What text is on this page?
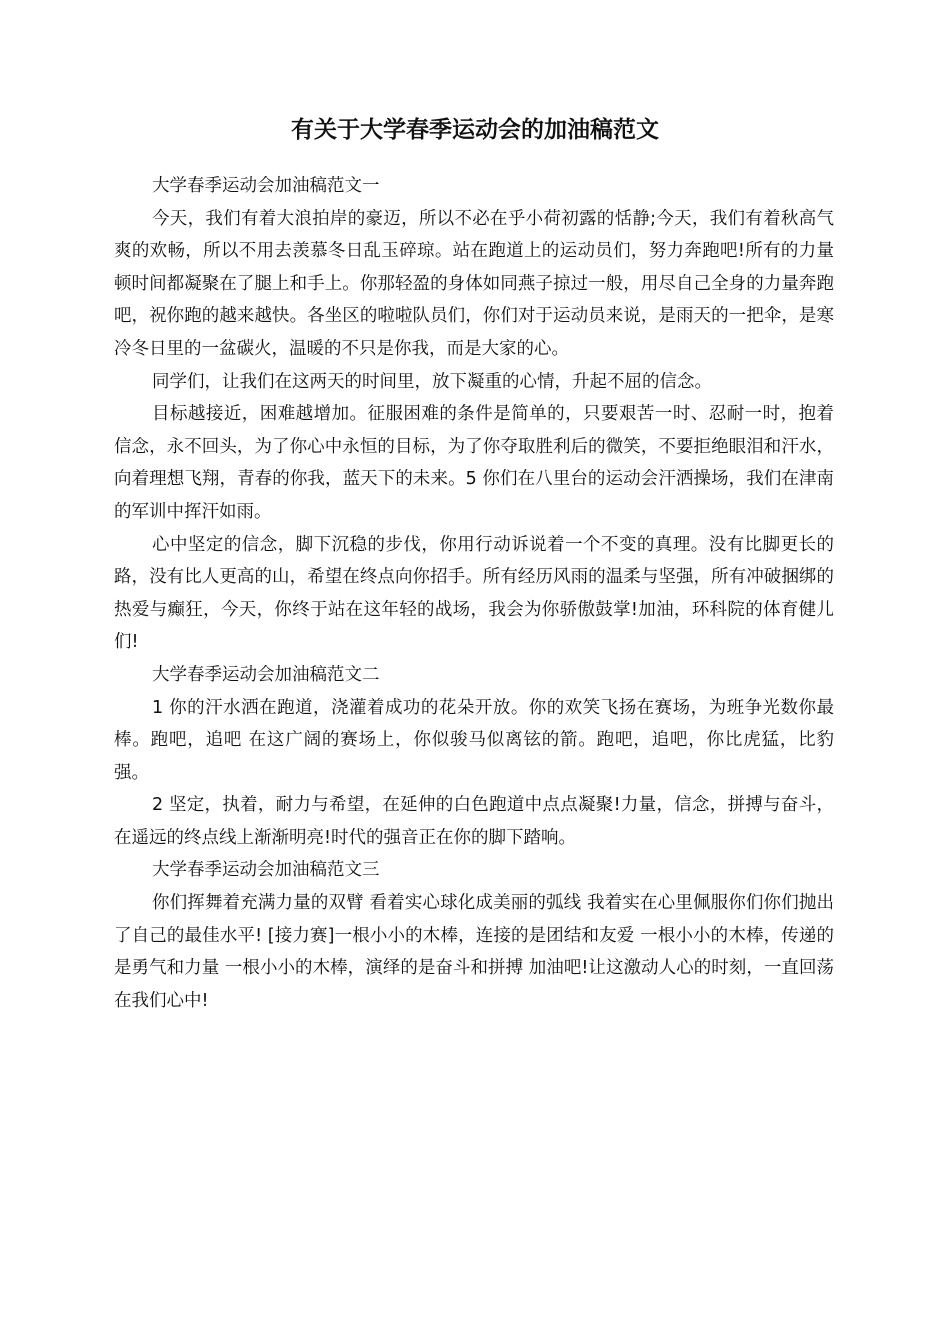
有关于大学春季运动会的加油稿范文

大学春季运动会加油稿范文一

今天，我们有着大浪拍岸的豪迈，所以不必在乎小荷初露的恬静;今天，我们有着秋高气爽的欢畅，所以不用去羡慕冬日乱玉碎琼。站在跑道上的运动员们，努力奔跑吧!所有的力量顿时间都凝聚在了腿上和手上。你那轻盈的身体如同燕子掠过一般，用尽自己全身的力量奔跑吧，祝你跑的越来越快。各坐区的啦啦队员们，你们对于运动员来说，是雨天的一把伞，是寒冷冬日里的一盆碳火，温暖的不只是你我，而是大家的心。

同学们，让我们在这两天的时间里，放下凝重的心情，升起不屈的信念。

目标越接近，困难越增加。征服困难的条件是简单的，只要艰苦一时、忍耐一时，抱着信念，永不回头，为了你心中永恒的目标，为了你夺取胜利后的微笑，不要拒绝眼泪和汗水，向着理想飞翔，青春的你我，蓝天下的未来。5 你们在八里台的运动会汗洒操场，我们在津南的军训中挥汗如雨。

心中坚定的信念，脚下沉稳的步伐，你用行动诉说着一个不变的真理。没有比脚更长的路，没有比人更高的山，希望在终点向你招手。所有经历风雨的温柔与坚强，所有冲破捆绑的热爱与癫狂，今天，你终于站在这年轻的战场，我会为你骄傲鼓掌!加油，环科院的体育健儿们!

大学春季运动会加油稿范文二

1 你的汗水洒在跑道，浇灌着成功的花朵开放。你的欢笑飞扬在赛场，为班争光数你最棒。跑吧，追吧 在这广阔的赛场上，你似骏马似离铉的箭。跑吧，追吧，你比虎猛，比豹强。

2 坚定，执着，耐力与希望，在延伸的白色跑道中点点凝聚!力量，信念，拼搏与奋斗，在遥远的终点线上渐渐明亮!时代的强音正在你的脚下踏响。

大学春季运动会加油稿范文三

你们挥舞着充满力量的双臂 看着实心球化成美丽的弧线 我着实在心里佩服你们你们抛出了自己的最佳水平! [接力赛]一根小小的木棒，连接的是团结和友爱 一根小小的木棒，传递的是勇气和力量 一根小小的木棒，演绎的是奋斗和拼搏 加油吧!让这激动人心的时刻，一直回荡在我们心中!
